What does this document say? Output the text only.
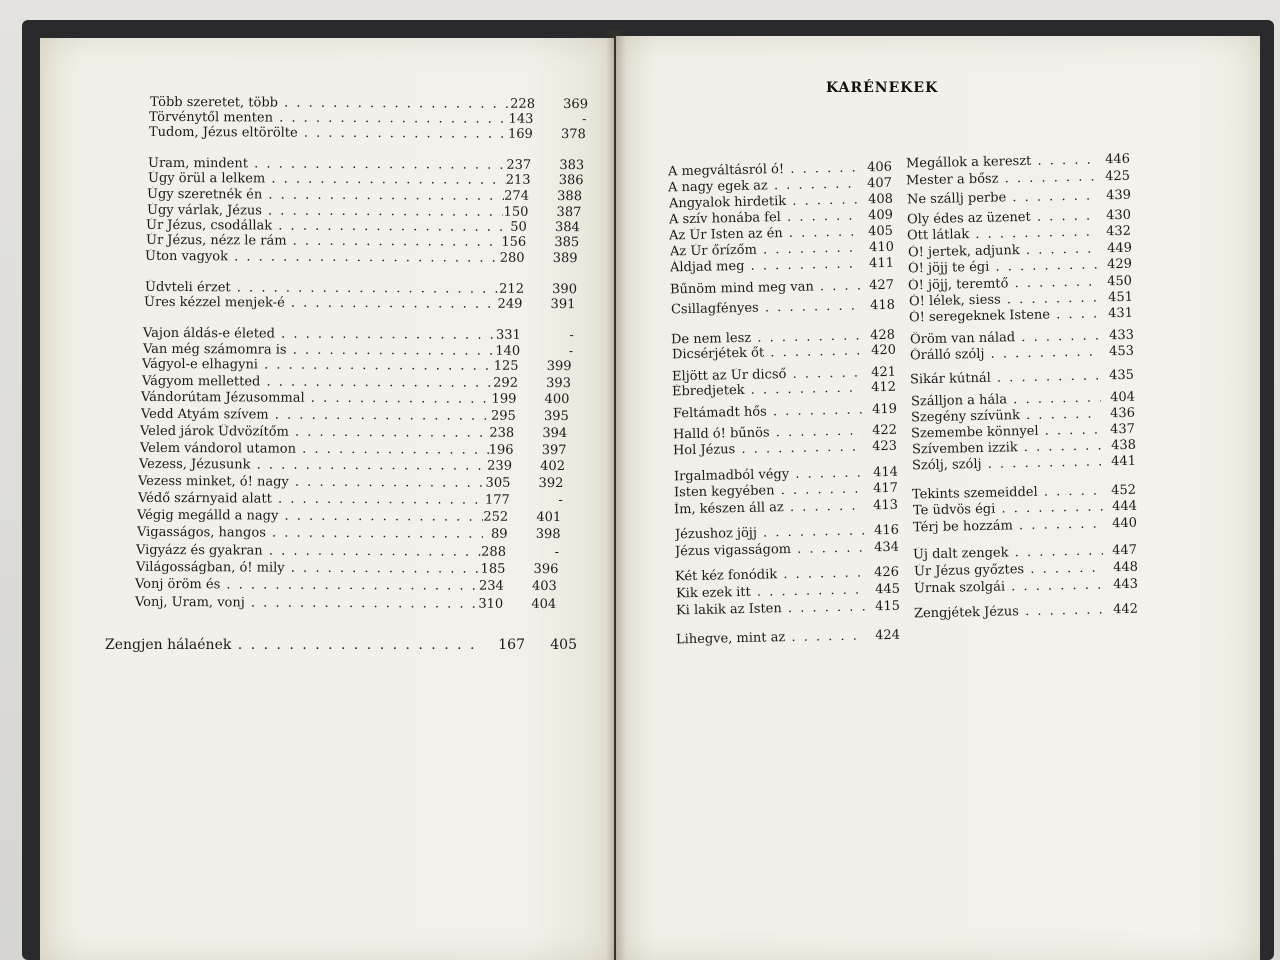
KARÉNEKEK
Több szeretet, több . . .	228	369
Törvénytől menten . . .	143	-
Tudom, Jézus eltörölte . . .	169	378
Uram, mindent . . .	237	383
Úgy örül a lelkem . . .	213	386
Úgy szeretnék én . . .	274	388
Úgy várlak, Jézus . . .	150	387
Úr Jézus, csodállak . . .	50	384
Úr Jézus, nézz le rám . . .	156	385
Úton vagyok . . .	280	389
Üdvteli érzet . . .	212	390
Üres kézzel menjek-é . . .	249	391
Vajon áldás-e életed . . .	331	-
Van még számomra is . . .	140	-
Vágyol-e elhagyni . . .	125	399
Vágyom melletted . . .	292	393
Vándorútam Jézusommal . . .	199	400
Vedd Atyám szívem . . .	295	395
Veled járok Üdvözítőm . . .	238	394
Velem vándorol utamon . . .	196	397
Vezess, Jézusunk . . .	239	402
Vezess minket, ó! nagy . . .	305	392
Védő szárnyaid alatt . . .	177	-
Végig megálld a nagy . . .	252	401
Vigasságos, hangos . . .	89	398
Vigyázz és gyakran . . .	288	-
Világosságban, ó! mily . . .	185	396
Vonj öröm és . . .	234	403
Vonj, Uram, vonj . . .	310	404
Zengjen hálaének . . .	167	405
A megváltásról ó! . . .	406
A nagy egek az . . .	407
Angyalok hirdetik . . .	408
A szív honába fel . . .	409
Az Úr Isten az én . . .	405
Az Úr őrízőm . . .	410
Áldjad meg . . .	411
Bűnöm mind meg van . . .	427
Csillagfényes . . .	418
De nem lesz . . .	428
Dicsérjétek őt . . .	420
Eljött az Úr dicső . . .	421
Ébredjetek . . .	412
Feltámadt hős . . .	419
Halld ó! bűnös . . .	422
Hol Jézus . . .	423
Irgalmadból végy . . .	414
Isten kegyében . . .	417
Ím, készen áll az . . .	413
Jézushoz jöjj . . .	416
Jézus vigasságom . . .	434
Két kéz fonódik . . .	426
Kik ezek itt . . .	445
Ki lakik az Isten . . .	415
Lihegve, mint az . . .	424
Megállok a kereszt . . .	446
Mester a bősz . . .	425
Ne szállj perbe . . .	439
Oly édes az üzenet . . .	430
Ott látlak . . .	432
Ó! jertek, adjunk . . .	449
Ó! jöjj te égi . . .	429
Ó! jöjj, teremtő . . .	450
Ó! lélek, siess . . .	451
Ó! seregeknek Istene . . .	431
Öröm van nálad . . .	433
Őrálló szólj . . .	453
Sikár kútnál . . .	435
Szálljon a hála . . .	404
Szegény szívünk . . .	436
Szemembe könnyel . . .	437
Szívemben izzik . . .	438
Szólj, szólj . . .	441
Tekints szemeiddel . . .	452
Te üdvös égi . . .	444
Térj be hozzám . . .	440
Új dalt zengek . . .	447
Úr Jézus győztes . . .	448
Úrnak szolgái . . .	443
Zengjétek Jézus . . .	442
